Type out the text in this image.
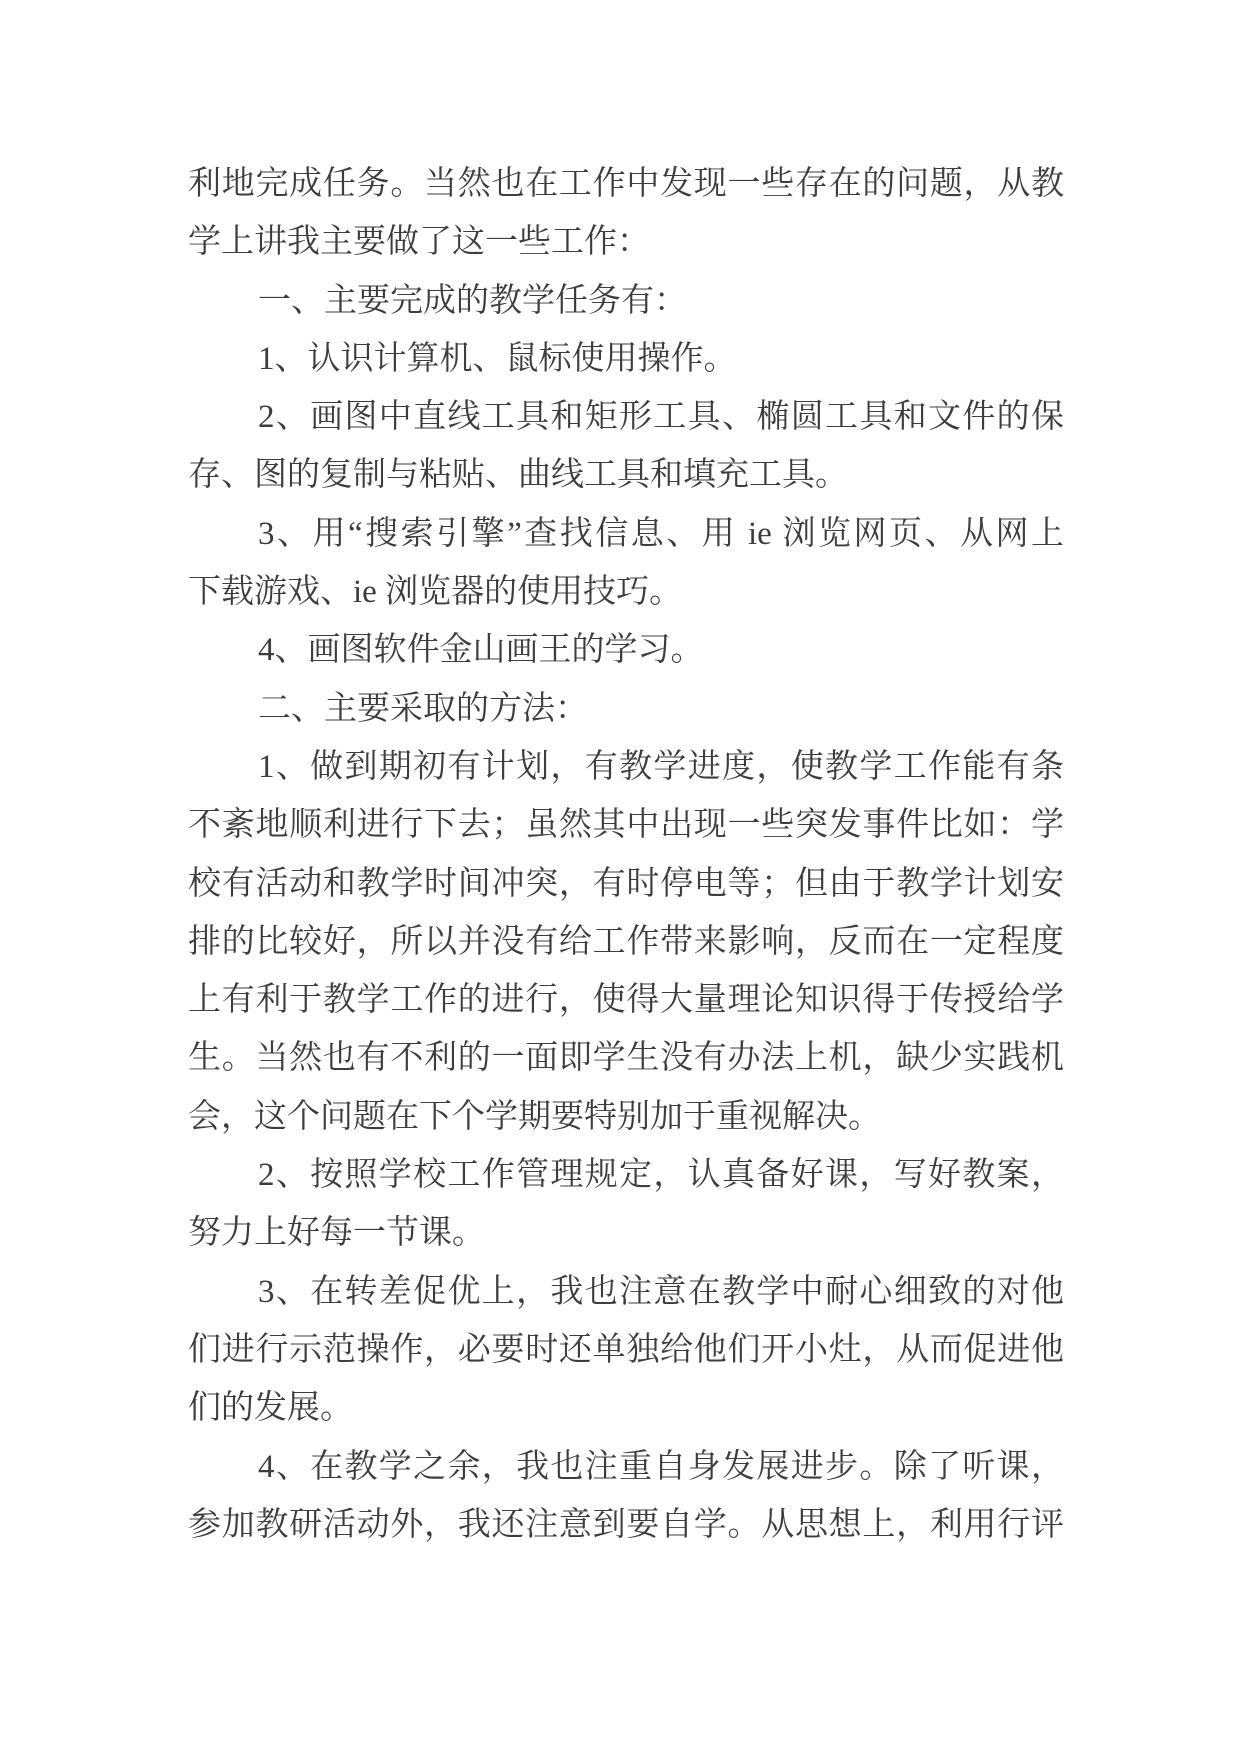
利地完成任务。当然也在工作中发现一些存在的问题，从教
学上讲我主要做了这一些工作：
一、主要完成的教学任务有：
1、认识计算机、鼠标使用操作。
2、画图中直线工具和矩形工具、椭圆工具和文件的保
存、图的复制与粘贴、曲线工具和填充工具。
3、用“搜索引擎”查找信息、用 ie 浏览网页、从网上
下载游戏、ie 浏览器的使用技巧。
4、画图软件金山画王的学习。
二、主要采取的方法：
1、做到期初有计划，有教学进度，使教学工作能有条
不紊地顺利进行下去；虽然其中出现一些突发事件比如：学
校有活动和教学时间冲突，有时停电等；但由于教学计划安
排的比较好，所以并没有给工作带来影响，反而在一定程度
上有利于教学工作的进行，使得大量理论知识得于传授给学
生。当然也有不利的一面即学生没有办法上机，缺少实践机
会，这个问题在下个学期要特别加于重视解决。
2、按照学校工作管理规定，认真备好课，写好教案，
努力上好每一节课。
3、在转差促优上，我也注意在教学中耐心细致的对他
们进行示范操作，必要时还单独给他们开小灶，从而促进他
们的发展。
4、在教学之余，我也注重自身发展进步。除了听课，
参加教研活动外，我还注意到要自学。从思想上，利用行评
